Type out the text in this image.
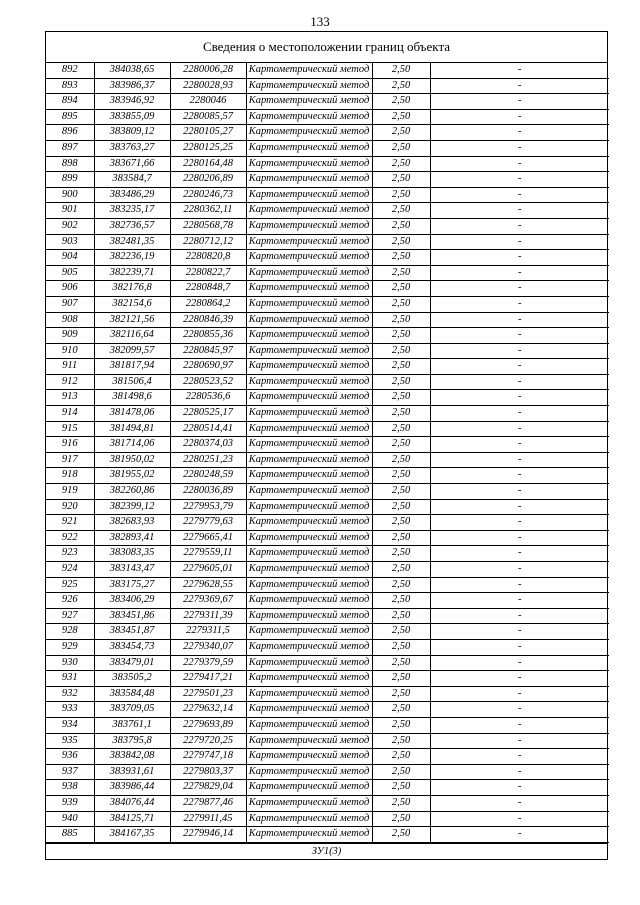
133
Сведения о местоположении границ объекта
892	384038,65	2280006,28	Картометрический метод	2,50	-
893	383986,37	2280028,93	Картометрический метод	2,50	-
894	383946,92	2280046	Картометрический метод	2,50	-
895	383855,09	2280085,57	Картометрический метод	2,50	-
896	383809,12	2280105,27	Картометрический метод	2,50	-
897	383763,27	2280125,25	Картометрический метод	2,50	-
898	383671,66	2280164,48	Картометрический метод	2,50	-
899	383584,7	2280206,89	Картометрический метод	2,50	-
900	383486,29	2280246,73	Картометрический метод	2,50	-
901	383235,17	2280362,11	Картометрический метод	2,50	-
902	382736,57	2280568,78	Картометрический метод	2,50	-
903	382481,35	2280712,12	Картометрический метод	2,50	-
904	382236,19	2280820,8	Картометрический метод	2,50	-
905	382239,71	2280822,7	Картометрический метод	2,50	-
906	382176,8	2280848,7	Картометрический метод	2,50	-
907	382154,6	2280864,2	Картометрический метод	2,50	-
908	382121,56	2280846,39	Картометрический метод	2,50	-
909	382116,64	2280855,36	Картометрический метод	2,50	-
910	382099,57	2280845,97	Картометрический метод	2,50	-
911	381817,94	2280690,97	Картометрический метод	2,50	-
912	381506,4	2280523,52	Картометрический метод	2,50	-
913	381498,6	2280536,6	Картометрический метод	2,50	-
914	381478,06	2280525,17	Картометрический метод	2,50	-
915	381494,81	2280514,41	Картометрический метод	2,50	-
916	381714,06	2280374,03	Картометрический метод	2,50	-
917	381950,02	2280251,23	Картометрический метод	2,50	-
918	381955,02	2280248,59	Картометрический метод	2,50	-
919	382260,86	2280036,89	Картометрический метод	2,50	-
920	382399,12	2279953,79	Картометрический метод	2,50	-
921	382683,93	2279779,63	Картометрический метод	2,50	-
922	382893,41	2279665,41	Картометрический метод	2,50	-
923	383083,35	2279559,11	Картометрический метод	2,50	-
924	383143,47	2279605,01	Картометрический метод	2,50	-
925	383175,27	2279628,55	Картометрический метод	2,50	-
926	383406,29	2279369,67	Картометрический метод	2,50	-
927	383451,86	2279311,39	Картометрический метод	2,50	-
928	383451,87	2279311,5	Картометрический метод	2,50	-
929	383454,73	2279340,07	Картометрический метод	2,50	-
930	383479,01	2279379,59	Картометрический метод	2,50	-
931	383505,2	2279417,21	Картометрический метод	2,50	-
932	383584,48	2279501,23	Картометрический метод	2,50	-
933	383709,05	2279632,14	Картометрический метод	2,50	-
934	383761,1	2279693,89	Картометрический метод	2,50	-
935	383795,8	2279720,25	Картометрический метод	2,50	-
936	383842,08	2279747,18	Картометрический метод	2,50	-
937	383931,61	2279803,37	Картометрический метод	2,50	-
938	383986,44	2279829,04	Картометрический метод	2,50	-
939	384076,44	2279877,46	Картометрический метод	2,50	-
940	384125,71	2279911,45	Картометрический метод	2,50	-
885	384167,35	2279946,14	Картометрический метод	2,50	-
ЗУ1(3)
